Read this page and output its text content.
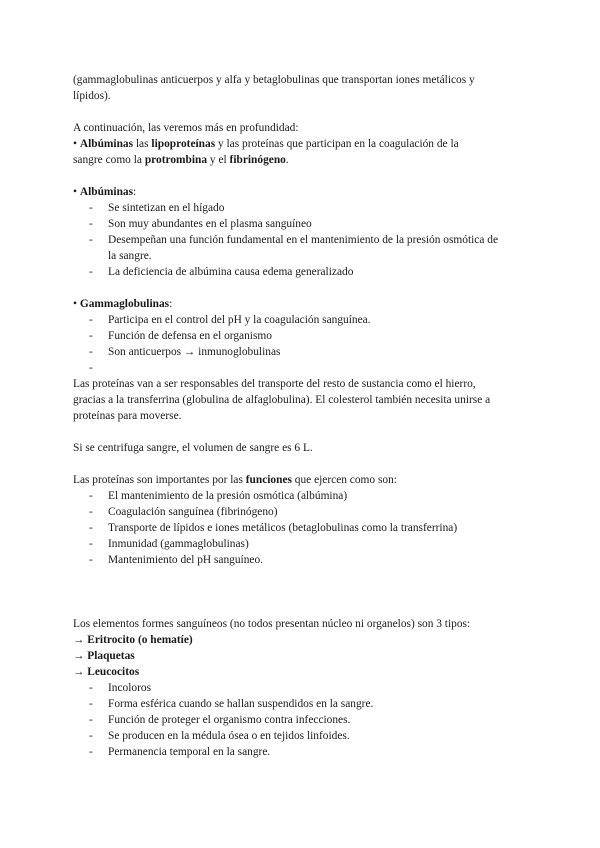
(gammaglobulinas anticuerpos y alfa y betaglobulinas que transportan iones metálicos y
lípidos).
A continuación, las veremos más en profundidad:
• Albúminas las lipoproteínas y las proteínas que participan en la coagulación de la
sangre como la protrombina y el fibrinógeno.
• Albúminas:
- Se sintetizan en el hígado
- Son muy abundantes en el plasma sanguíneo
- Desempeñan una función fundamental en el mantenimiento de la presión osmótica de
la sangre.
- La deficiencia de albúmina causa edema generalizado
• Gammaglobulinas:
- Participa en el control del pH y la coagulación sanguínea.
- Función de defensa en el organismo
- Son anticuerpos → inmunoglobulinas
-
Las proteínas van a ser responsables del transporte del resto de sustancia como el hierro,
gracias a la transferrina (globulina de alfaglobulina). El colesterol también necesita unirse a
proteínas para moverse.
Si se centrifuga sangre, el volumen de sangre es 6 L.
Las proteínas son importantes por las funciones que ejercen como son:
- El mantenimiento de la presión osmótica (albúmina)
- Coagulación sanguínea (fibrinógeno)
- Transporte de lípidos e iones metálicos (betaglobulinas como la transferrina)
- Inmunidad (gammaglobulinas)
- Mantenimiento del pH sanguíneo.
Los elementos formes sanguíneos (no todos presentan núcleo ni organelos) son 3 tipos:
→ Eritrocito (o hematíe)
→ Plaquetas
→ Leucocitos
- Incoloros
- Forma esférica cuando se hallan suspendidos en la sangre.
- Función de proteger el organismo contra infecciones.
- Se producen en la médula ósea o en tejidos linfoides.
- Permanencia temporal en la sangre.
